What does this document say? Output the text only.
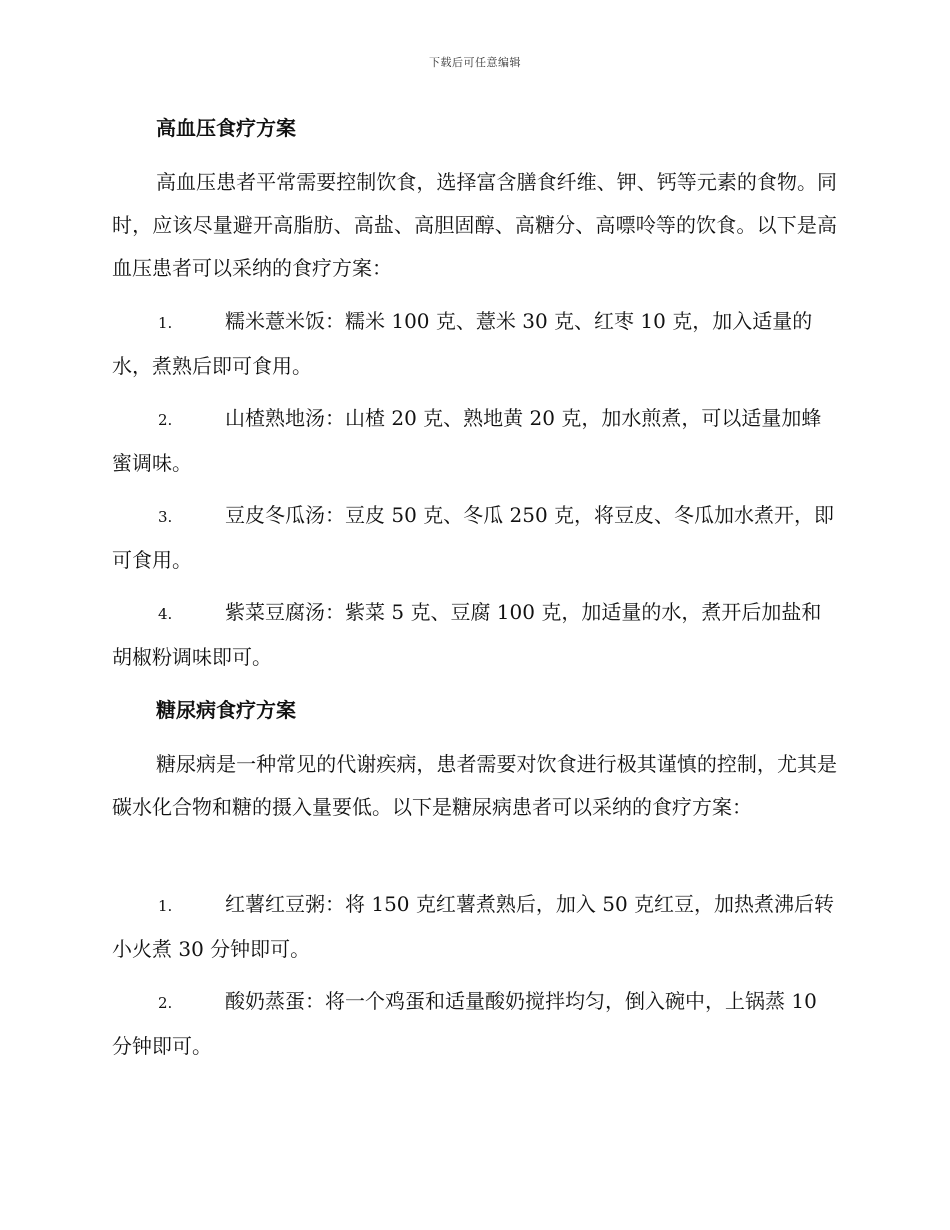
下载后可任意编辑
高血压食疗方案

高血压患者平常需要控制饮食，选择富含膳食纤维、钾、钙等元素的食物。同时，应该尽量避开高脂肪、高盐、高胆固醇、高糖分、高嘌呤等的饮食。以下是高血压患者可以采纳的食疗方案：

1.	糯米薏米饭：糯米 100 克、薏米 30 克、红枣 10 克，加入适量的水，煮熟后即可食用。

2.	山楂熟地汤：山楂 20 克、熟地黄 20 克，加水煎煮，可以适量加蜂蜜调味。

3.	豆皮冬瓜汤：豆皮 50 克、冬瓜 250 克，将豆皮、冬瓜加水煮开，即可食用。

4.	紫菜豆腐汤：紫菜 5 克、豆腐 100 克，加适量的水，煮开后加盐和胡椒粉调味即可。

糖尿病食疗方案

糖尿病是一种常见的代谢疾病，患者需要对饮食进行极其谨慎的控制，尤其是碳水化合物和糖的摄入量要低。以下是糖尿病患者可以采纳的食疗方案：

1.	红薯红豆粥：将 150 克红薯煮熟后，加入 50 克红豆，加热煮沸后转小火煮 30 分钟即可。

2.	酸奶蒸蛋：将一个鸡蛋和适量酸奶搅拌均匀，倒入碗中，上锅蒸 10 分钟即可。
